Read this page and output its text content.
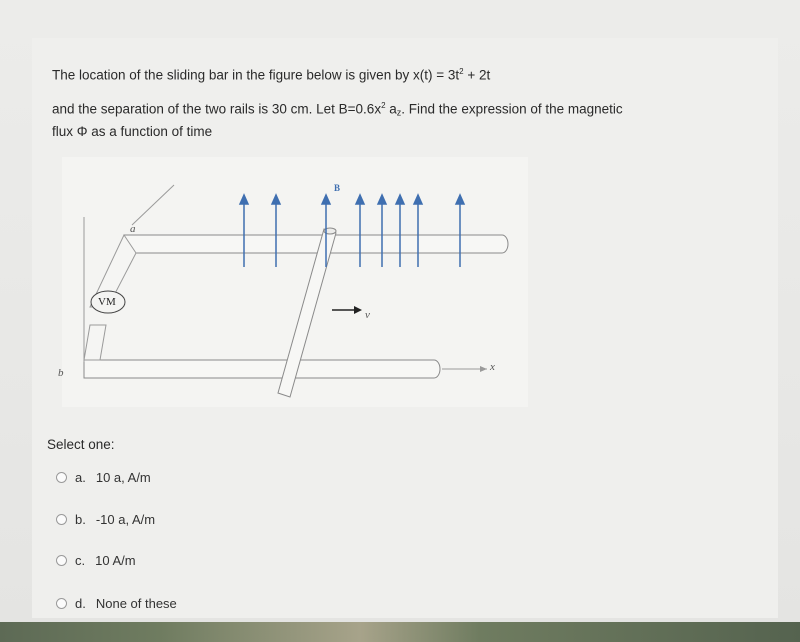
The location of the sliding bar in the figure below is given by $x(t) = 3t^2 + 2t$

and the separation of the two rails is 30 cm. Let $B=0.6x^2$ $a_z$. Find the expression of the magnetic

flux Φ as a function of time

a
b
B
v
x
VM
Select one:
a. 10 a, A/m
b. -10 a, A/m
c. 10 A/m
d. None of these
